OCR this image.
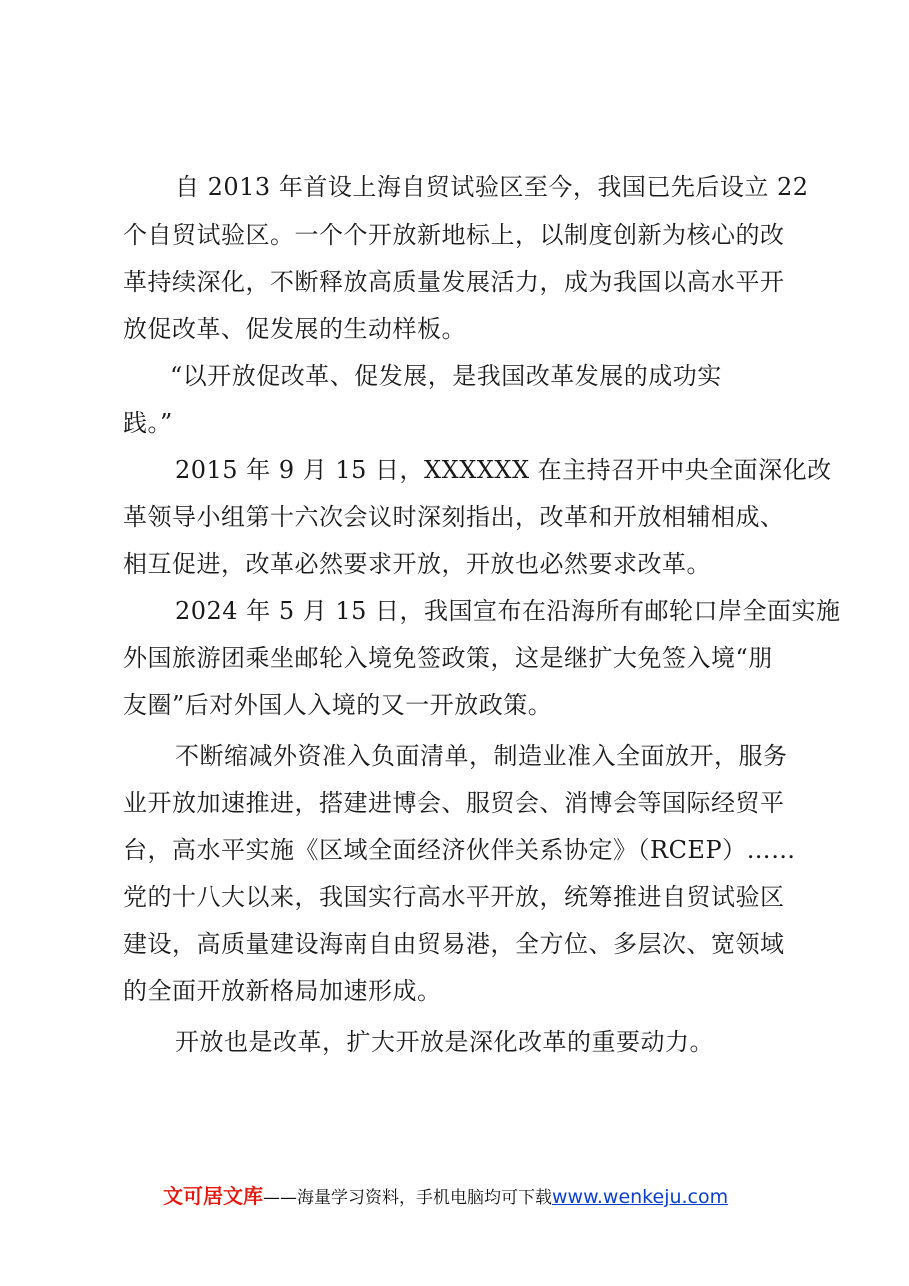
自 2013 年首设上海自贸试验区至今，我国已先后设立 22
个自贸试验区。一个个开放新地标上，以制度创新为核心的改
革持续深化，不断释放高质量发展活力，成为我国以高水平开
放促改革、促发展的生动样板。
“以开放促改革、促发展，是我国改革发展的成功实
践。”
2015 年 9 月 15 日，XXXXXX 在主持召开中央全面深化改
革领导小组第十六次会议时深刻指出，改革和开放相辅相成、
相互促进，改革必然要求开放，开放也必然要求改革。
2024 年 5 月 15 日，我国宣布在沿海所有邮轮口岸全面实施
外国旅游团乘坐邮轮入境免签政策，这是继扩大免签入境“朋
友圈”后对外国人入境的又一开放政策。
不断缩减外资准入负面清单，制造业准入全面放开，服务
业开放加速推进，搭建进博会、服贸会、消博会等国际经贸平
台，高水平实施《区域全面经济伙伴关系协定》（RCEP）……
党的十八大以来，我国实行高水平开放，统筹推进自贸试验区
建设，高质量建设海南自由贸易港，全方位、多层次、宽领域
的全面开放新格局加速形成。
开放也是改革，扩大开放是深化改革的重要动力。
文可居文库——海量学习资料，手机电脑均可下载www.wenkeju.com
